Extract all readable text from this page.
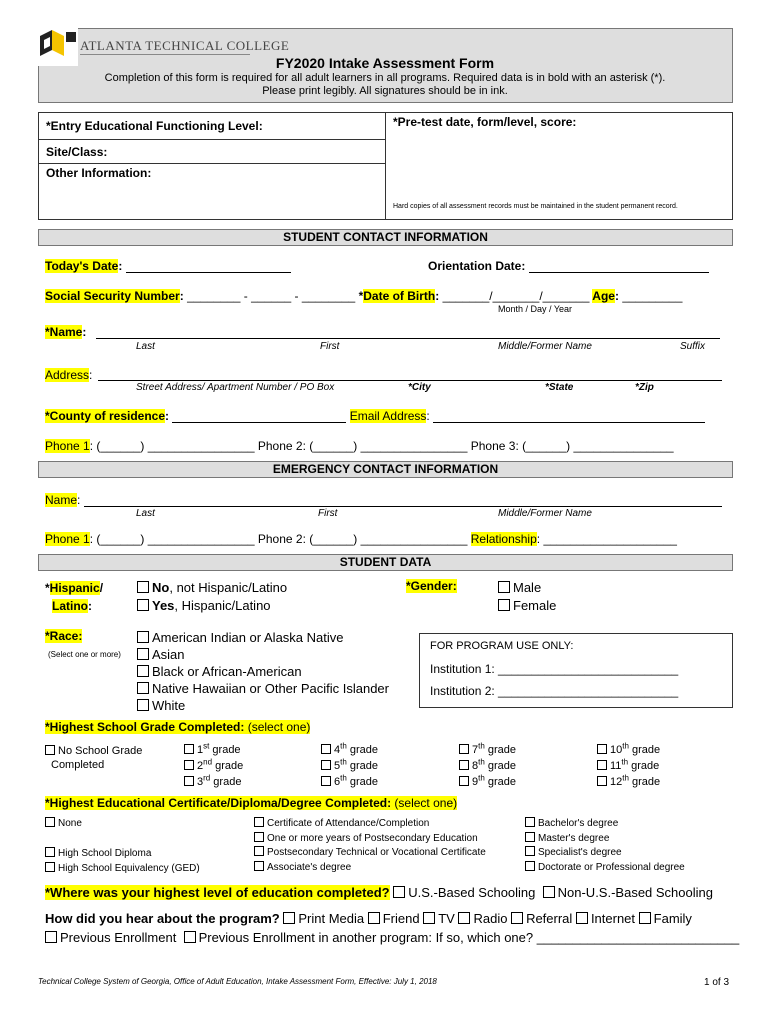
ATLANTA TECHNICAL COLLEGE
FY2020 Intake Assessment Form
Completion of this form is required for all adult learners in all programs. Required data is in bold with an asterisk (*).
Please print legibly. All signatures should be in ink.
*Entry Educational Functioning Level:	*Pre-test date, form/level, score:
Site/Class:
Other Information:
Hard copies of all assessment records must be maintained in the student permanent record.
STUDENT CONTACT INFORMATION
Today's Date:	Orientation Date:
Social Security Number: ________ - ______ - ________ *Date of Birth: _______/_______/_______ Age: _________
Month / Day / Year
*Name:
Last	First	Middle/Former Name	Suffix
Address:
Street Address/ Apartment Number / PO Box	*City	*State	*Zip
*County of residence:	Email Address:
Phone 1: (______) ________________ Phone 2: (______) ________________ Phone 3: (______) _______________
EMERGENCY CONTACT INFORMATION
Name:
Last	First	Middle/Former Name
Phone 1: (______) ________________ Phone 2: (______) ________________ Relationship: ____________________
STUDENT DATA
*Hispanic/
Latino:
No, not Hispanic/Latino
Yes, Hispanic/Latino
*Gender:	Male
Female
*Race:
(Select one or more)
American Indian or Alaska Native
Asian
Black or African-American
Native Hawaiian or Other Pacific Islander
White
FOR PROGRAM USE ONLY:
Institution 1: ___________________________
Institution 2: ___________________________
*Highest School Grade Completed: (select one)
No School Grade
Completed
1st grade
2nd grade
3rd grade
4th grade
5th grade
6th grade
7th grade
8th grade
9th grade
10th grade
11th grade
12th grade
*Highest Educational Certificate/Diploma/Degree Completed: (select one)
None
High School Diploma
High School Equivalency (GED)
Certificate of Attendance/Completion
One or more years of Postsecondary Education
Postsecondary Technical or Vocational Certificate
Associate's degree
Bachelor's degree
Master's degree
Specialist's degree
Doctorate or Professional degree
*Where was your highest level of education completed? U.S.-Based Schooling Non-U.S.-Based Schooling
How did you hear about the program? Print Media Friend TV Radio Referral Internet Family
Previous Enrollment Previous Enrollment in another program: If so, which one? ____________________________
Technical College System of Georgia, Office of Adult Education, Intake Assessment Form, Effective: July 1, 2018	1 of 3
